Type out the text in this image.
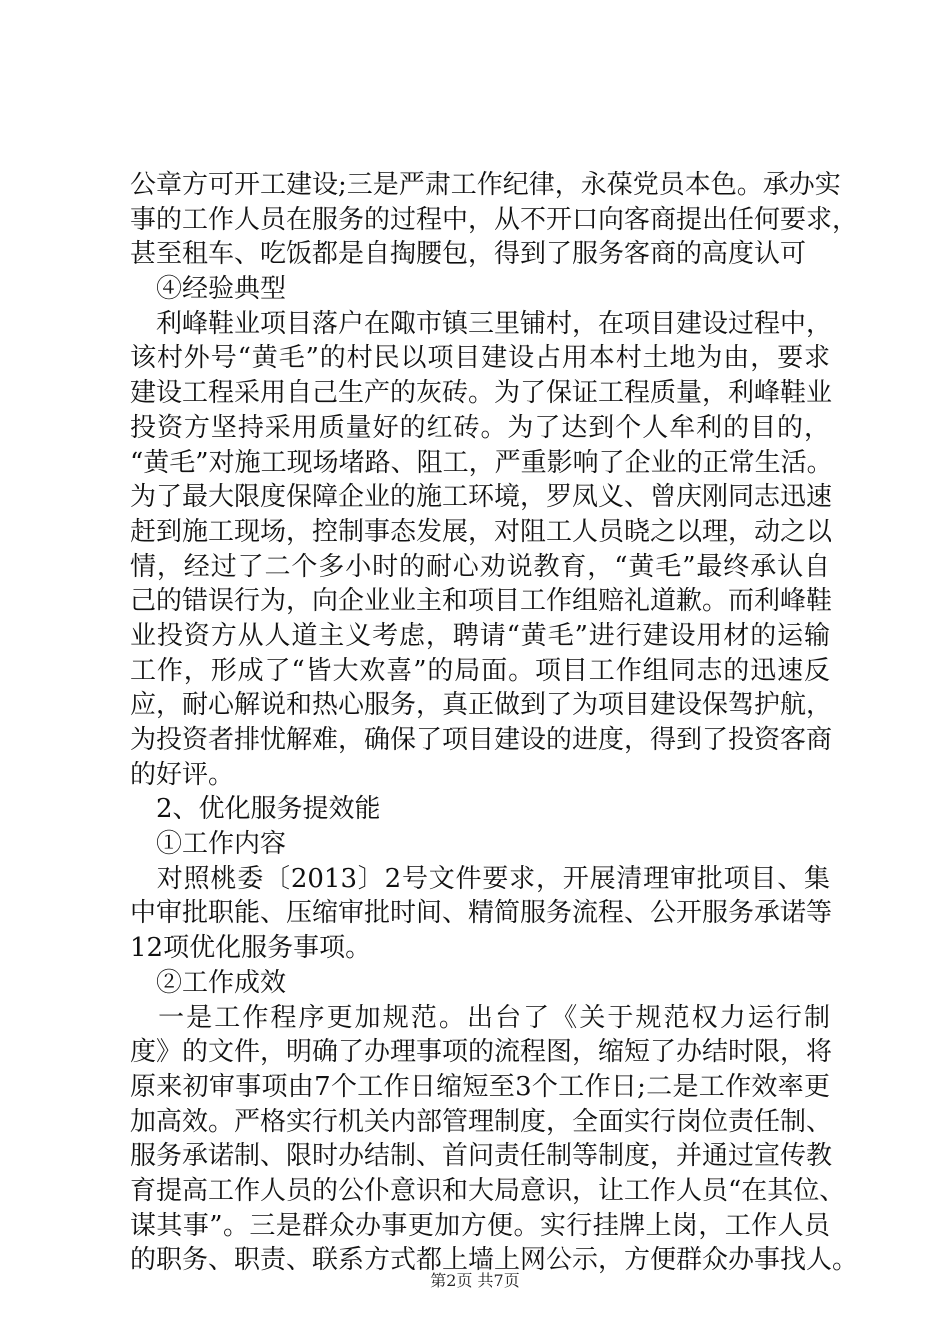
公章方可开工建设;三是严肃工作纪律，永葆党员本色。承办实
事的工作人员在服务的过程中，从不开口向客商提出任何要求，
甚至租车、吃饭都是自掏腰包，得到了服务客商的高度认可
　④经验典型
　利峰鞋业项目落户在陬市镇三里铺村，在项目建设过程中，
该村外号“黄毛”的村民以项目建设占用本村土地为由，要求
建设工程采用自己生产的灰砖。为了保证工程质量，利峰鞋业
投资方坚持采用质量好的红砖。为了达到个人牟利的目的，
“黄毛”对施工现场堵路、阻工，严重影响了企业的正常生活。
为了最大限度保障企业的施工环境，罗凤义、曾庆刚同志迅速
赶到施工现场，控制事态发展，对阻工人员晓之以理，动之以
情，经过了二个多小时的耐心劝说教育，“黄毛”最终承认自
己的错误行为，向企业业主和项目工作组赔礼道歉。而利峰鞋
业投资方从人道主义考虑，聘请“黄毛”进行建设用材的运输
工作，形成了“皆大欢喜”的局面。项目工作组同志的迅速反
应，耐心解说和热心服务，真正做到了为项目建设保驾护航，
为投资者排忧解难，确保了项目建设的进度，得到了投资客商
的好评。
　2、优化服务提效能
　①工作内容
　对照桃委〔2013〕2号文件要求，开展清理审批项目、集
中审批职能、压缩审批时间、精简服务流程、公开服务承诺等
12项优化服务事项。
　②工作成效
　一是工作程序更加规范。出台了《关于规范权力运行制
度》的文件，明确了办理事项的流程图，缩短了办结时限，将
原来初审事项由7个工作日缩短至3个工作日;二是工作效率更
加高效。严格实行机关内部管理制度，全面实行岗位责任制、
服务承诺制、限时办结制、首问责任制等制度，并通过宣传教
育提高工作人员的公仆意识和大局意识，让工作人员“在其位、
谋其事”。三是群众办事更加方便。实行挂牌上岗，工作人员
的职务、职责、联系方式都上墙上网公示，方便群众办事找人。
第2页 共7页
